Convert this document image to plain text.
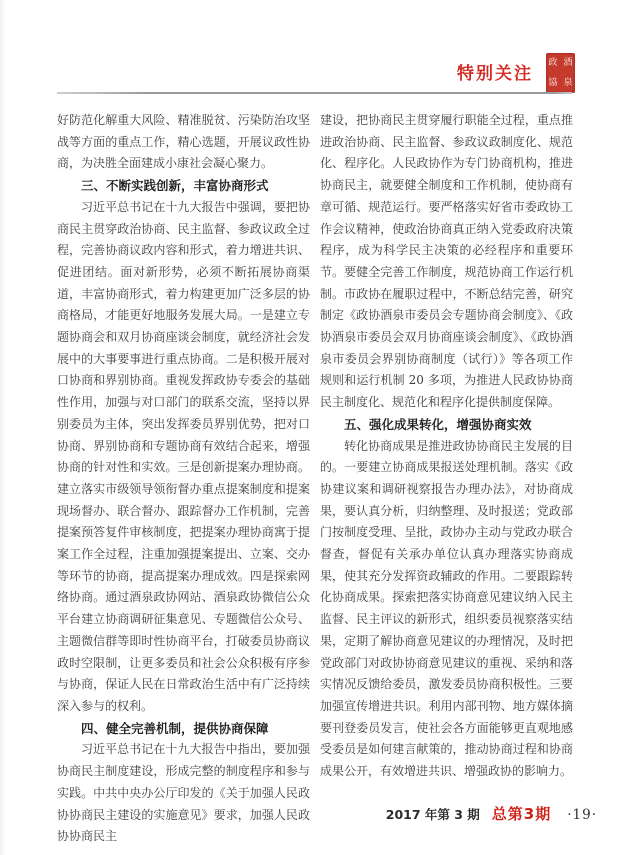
特别关注
政 酒
協 泉

好防范化解重大风险、精准脱贫、污染防治攻坚战等方面的重点工作，精心选题，开展议政性协商，为决胜全面建成小康社会凝心聚力。

三、不断实践创新，丰富协商形式

习近平总书记在十九大报告中强调，要把协商民主贯穿政治协商、民主监督、参政议政全过程，完善协商议政内容和形式，着力增进共识、促进团结。面对新形势，必须不断拓展协商渠道，丰富协商形式，着力构建更加广泛多层的协商格局，才能更好地服务发展大局。一是建立专题协商会和双月协商座谈会制度，就经济社会发展中的大事要事进行重点协商。二是积极开展对口协商和界别协商。重视发挥政协专委会的基础性作用，加强与对口部门的联系交流，坚持以界别委员为主体，突出发挥委员界别优势，把对口协商、界别协商和专题协商有效结合起来，增强协商的针对性和实效。三是创新提案办理协商。建立落实市级领导领衔督办重点提案制度和提案现场督办、联合督办、跟踪督办工作机制，完善提案预答复件审核制度，把提案办理协商寓于提案工作全过程，注重加强提案提出、立案、交办等环节的协商，提高提案办理成效。四是探索网络协商。通过酒泉政协网站、酒泉政协微信公众平台建立协商调研征集意见、专题微信公众号、主题微信群等即时性协商平台，打破委员协商议政时空限制，让更多委员和社会公众积极有序参与协商，保证人民在日常政治生活中有广泛持续深入参与的权利。

四、健全完善机制，提供协商保障

习近平总书记在十九大报告中指出，要加强协商民主制度建设，形成完整的制度程序和参与实践。中共中央办公厅印发的《关于加强人民政协协商民主建设的实施意见》要求，加强人民政协协商民主

建设，把协商民主贯穿履行职能全过程，重点推进政治协商、民主监督、参政议政制度化、规范化、程序化。人民政协作为专门协商机构，推进协商民主，就要健全制度和工作机制，使协商有章可循、规范运行。要严格落实好省市委政协工作会议精神，使政治协商真正纳入党委政府决策程序，成为科学民主决策的必经程序和重要环节。要健全完善工作制度，规范协商工作运行机制。市政协在履职过程中，不断总结完善，研究制定《政协酒泉市委员会专题协商会制度》、《政协酒泉市委员会双月协商座谈会制度》、《政协酒泉市委员会界别协商制度（试行）》等各项工作规则和运行机制 20 多项，为推进人民政协协商民主制度化、规范化和程序化提供制度保障。

五、强化成果转化，增强协商实效

转化协商成果是推进政协协商民主发展的目的。一要建立协商成果报送处理机制。落实《政协建议案和调研视察报告办理办法》，对协商成果，要认真分析，归纳整理、及时报送；党政部门按制度受理、呈批，政协办主动与党政办联合督查，督促有关承办单位认真办理落实协商成果，使其充分发挥资政辅政的作用。二要跟踪转化协商成果。探索把落实协商意见建议纳入民主监督、民主评议的新形式，组织委员视察落实结果，定期了解协商意见建议的办理情况，及时把党政部门对政协协商意见建议的重视、采纳和落实情况反馈给委员，激发委员协商积极性。三要加强宣传增进共识。利用内部刊物、地方媒体摘要刊登委员发言，使社会各方面能够更直观地感受委员是如何建言献策的，推动协商过程和协商成果公开，有效增进共识、增强政协的影响力。

2017 年第 3 期 总第3期 ·19·
